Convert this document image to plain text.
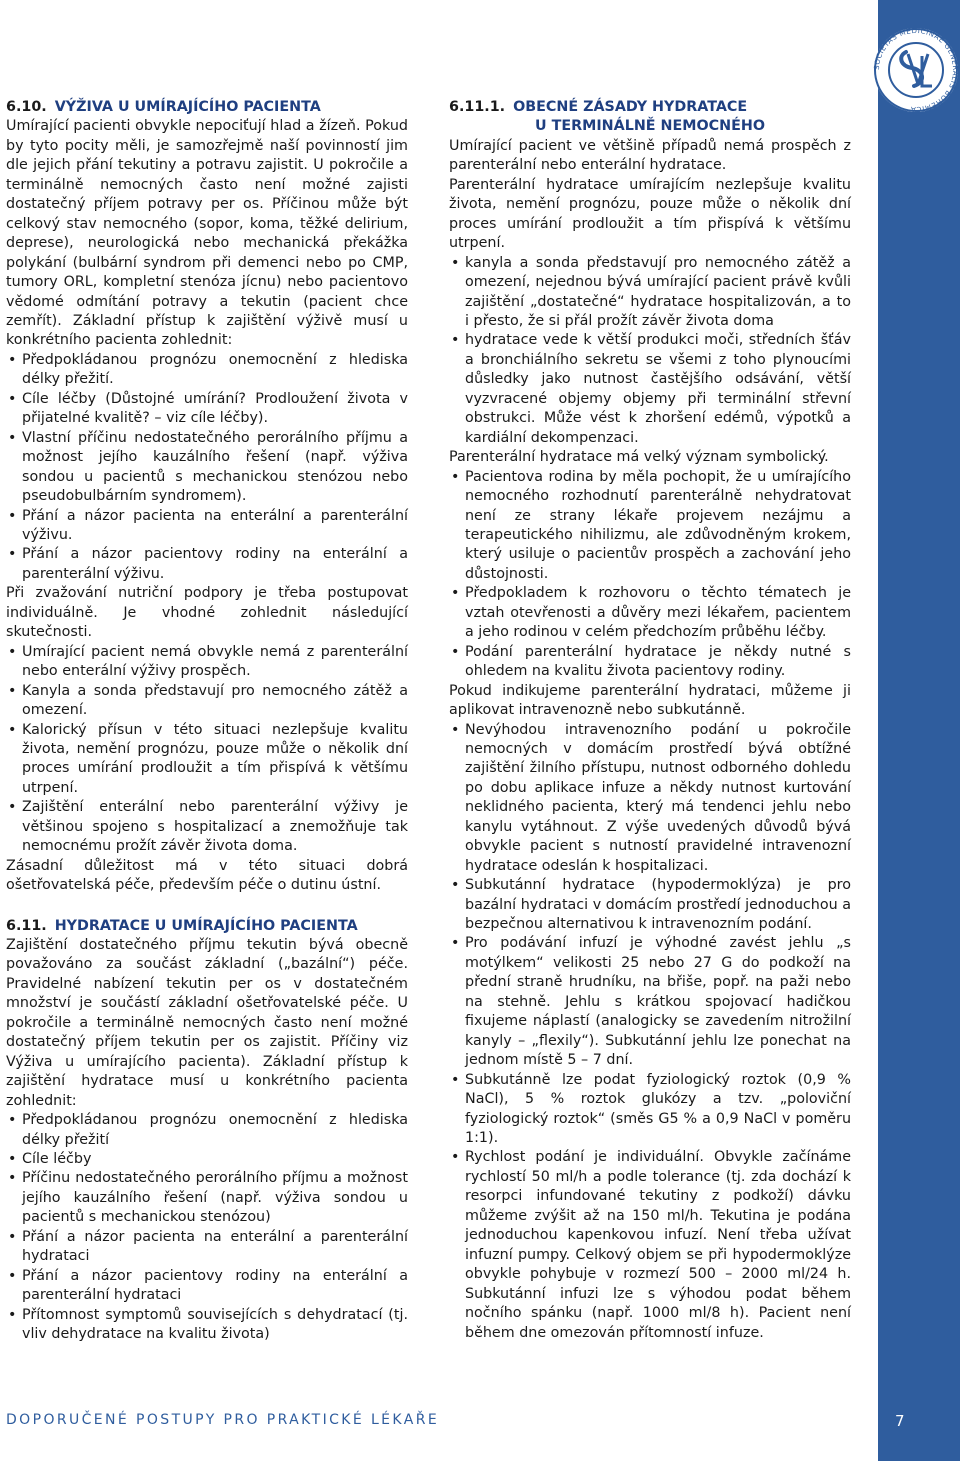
SOCIETAS MEDICINAE GENERALIS BOHEMICA

6.10. VÝŽIVA U UMÍRAJÍCÍHO PACIENTA

Umírající pacienti obvykle nepociťují hlad a žízeň. Pokud by tyto pocity měli, je samozřejmě naší povinností jim dle jejich přání tekutiny a potravu zajistit. U pokročile a terminálně nemocných často není možné zajisti dostatečný příjem potravy per os. Příčinou může být celkový stav nemocného (sopor, koma, těžké delirium, deprese), neurologická nebo mechanická překážka polykání (bulbární syndrom při demenci nebo po CMP, tumory ORL, kompletní stenóza jícnu) nebo pacientovo vědomé odmítání potravy a tekutin (pacient chce zemřít). Základní přístup k zajištění výživě musí u konkrétního pacienta zohlednit:

• Předpokládanou prognózu onemocnění z hlediska délky přežití.
• Cíle léčby (Důstojné umírání? Prodloužení života v přijatelné kvalitě? – viz cíle léčby).
• Vlastní příčinu nedostatečného perorálního příjmu a možnost jejího kauzálního řešení (např. výživa sondou u pacientů s mechanickou stenózou nebo pseudobulbárním syndromem).
• Přání a názor pacienta na enterální a parenterální výživu.
• Přání a názor pacientovy rodiny na enterální a parenterální výživu.

Při zvažování nutriční podpory je třeba postupovat individuálně. Je vhodné zohlednit následující skutečnosti.

• Umírající pacient nemá obvykle nemá z parenterální nebo enterální výživy prospěch.
• Kanyla a sonda představují pro nemocného zátěž a omezení.
• Kalorický přísun v této situaci nezlepšuje kvalitu života, nemění prognózu, pouze může o několik dní proces umírání prodloužit a tím přispívá k většímu utrpení.
• Zajištění enterální nebo parenterální výživy je většinou spojeno s hospitalizací a znemožňuje tak nemocnému prožít závěr života doma.

Zásadní důležitost má v této situaci dobrá ošetřovatelská péče, především péče o dutinu ústní.

6.11. HYDRATACE U UMÍRAJÍCÍHO PACIENTA

Zajištění dostatečného příjmu tekutin bývá obecně považováno za součást základní („bazální“) péče. Pravidelné nabízení tekutin per os v dostatečném množství je součástí základní ošetřovatelské péče. U pokročile a terminálně nemocných často není možné dostatečný příjem tekutin per os zajistit. Příčiny viz Výživa u umírajícího pacienta). Základní přístup k zajištění hydratace musí u konkrétního pacienta zohlednit:

• Předpokládanou prognózu onemocnění z hlediska délky přežití
• Cíle léčby
• Příčinu nedostatečného perorálního příjmu a možnost jejího kauzálního řešení (např. výživa sondou u pacientů s mechanickou stenózou)
• Přání a názor pacienta na enterální a parenterální hydrataci
• Přání a názor pacientovy rodiny na enterální a parenterální hydrataci
• Přítomnost symptomů souvisejících s dehydratací (tj. vliv dehydratace na kvalitu života)

6.11.1. OBECNÉ ZÁSADY HYDRATACE

U TERMINÁLNĚ NEMOCNÉHO

Umírající pacient ve většině případů nemá prospěch z parenterální nebo enterální hydratace.

Parenterální hydratace umírajícím nezlepšuje kvalitu života, nemění prognózu, pouze může o několik dní proces umírání prodloužit a tím přispívá k většímu utrpení.

• kanyla a sonda představují pro nemocného zátěž a omezení, nejednou bývá umírající pacient právě kvůli zajištění „dostatečné“ hydratace hospitalizován, a to i přesto, že si přál prožít závěr života doma
• hydratace vede k větší produkci moči, středních šťáv a bronchiálního sekretu se všemi z toho plynoucími důsledky jako nutnost častějšího odsávání, větší vyzvracené objemy objemy při terminální střevní obstrukci. Může vést k zhoršení edémů, výpotků a kardiální dekompenzaci.

Parenterální hydratace má velký význam symbolický.

• Pacientova rodina by měla pochopit, že u umírajícího nemocného rozhodnutí parenterálně nehydratovat není ze strany lékaře projevem nezájmu a terapeutického nihilizmu, ale zdůvodněným krokem, který usiluje o pacientův prospěch a zachování jeho důstojnosti.
• Předpokladem k rozhovoru o těchto tématech je vztah otevřenosti a důvěry mezi lékařem, pacientem a jeho rodinou v celém předchozím průběhu léčby.
• Podání parenterální hydratace je někdy nutné s ohledem na kvalitu života pacientovy rodiny.

Pokud indikujeme parenterální hydrataci, můžeme ji aplikovat intravenozně nebo subkutánně.

• Nevýhodou intravenozního podání u pokročile nemocných v domácím prostředí bývá obtížné zajištění žilního přístupu, nutnost odborného dohledu po dobu aplikace infuze a někdy nutnost kurtování neklidného pacienta, který má tendenci jehlu nebo kanylu vytáhnout. Z výše uvedených důvodů bývá obvykle pacient s nutností pravidelné intravenozní hydratace odeslán k hospitalizaci.
• Subkutánní hydratace (hypodermoklýza) je pro bazální hydrataci v domácím prostředí jednoduchou a bezpečnou alternativou k intravenozním podání.
• Pro podávání infuzí je výhodné zavést jehlu „s motýlkem“ velikosti 25 nebo 27 G do podkoží na přední straně hrudníku, na břiše, popř. na paži nebo na stehně. Jehlu s krátkou spojovací hadičkou fixujeme náplastí (analogicky se zavedením nitrožilní kanyly – „flexily“). Subkutánní jehlu lze ponechat na jednom místě 5 – 7 dní.
• Subkutánně lze podat fyziologický roztok (0,9 % NaCl), 5 % roztok glukózy a tzv. „poloviční fyziologický roztok“ (směs G5 % a 0,9 NaCl v poměru 1:1).
• Rychlost podání je individuální. Obvykle začínáme rychlostí 50 ml/h a podle tolerance (tj. zda dochází k resorpci infundované tekutiny z podkoží) dávku můžeme zvýšit až na 150 ml/h. Tekutina je podána jednoduchou kapenkovou infuzí. Není třeba užívat infuzní pumpy. Celkový objem se při hypodermoklýze obvykle pohybuje v rozmezí 500 – 2000 ml/24 h. Subkutánní infuzi lze s výhodou podat během nočního spánku (např. 1000 ml/8 h). Pacient není během dne omezován přítomností infuze.
DOPORUČENÉ POSTUPY PRO PRAKTICKÉ LÉKAŘE	7
